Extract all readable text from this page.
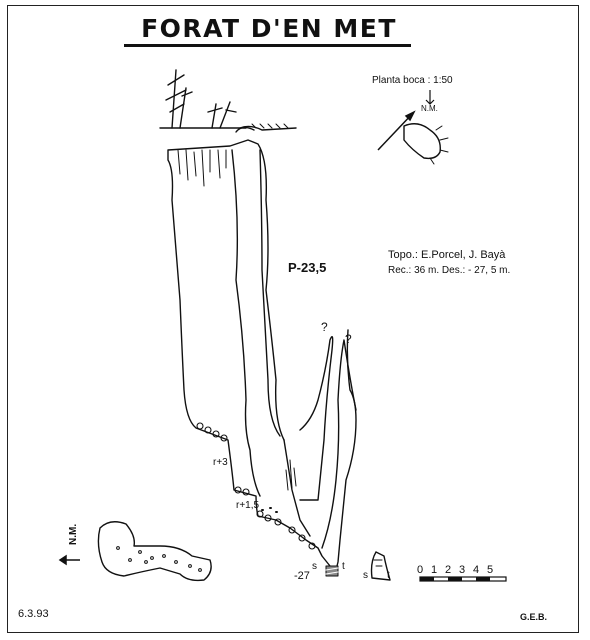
FORAT D'EN MET
Planta boca : 1:50
N.M.
P-23,5
Topo.: E.Porcel, J. Bayà
Rec.: 36 m. Des.: - 27, 5 m.
?
?
r+3
r+1,5
s	t
-27	s t
N.M.
0 1 2 3 4 5
6.3.93	G.E.B.
